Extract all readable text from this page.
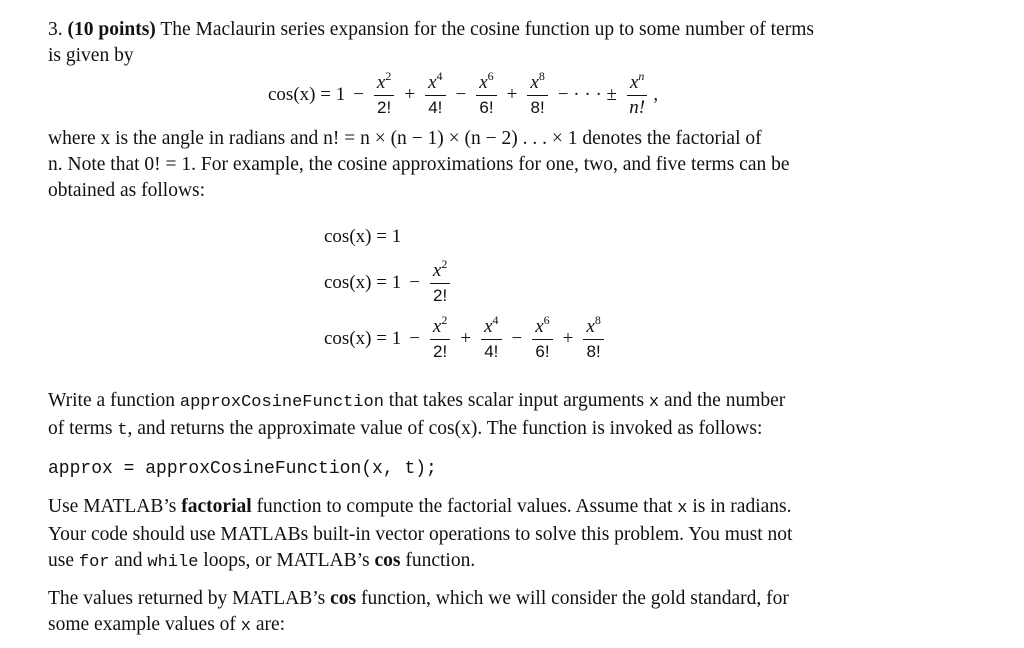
3. (10 points) The Maclaurin series expansion for the cosine function up to some number of terms
is given by
$\cos(x) = 1 - \frac{x^2}{2!} + \frac{x^4}{4!} - \frac{x^6}{6!} + \frac{x^8}{8!}$ − · · · ± $\frac{x^n}{n!}$ ,
where x is the angle in radians and n! = n × (n − 1) × (n − 2) . . . × 1 denotes the factorial of
n. Note that 0! = 1. For example, the cosine approximations for one, two, and five terms can be
obtained as follows:
cos(x) = 1
$\cos(x) = 1 - \frac{x^2}{2!}$
$\cos(x) = 1 - \frac{x^2}{2!} + \frac{x^4}{4!} - \frac{x^6}{6!} + \frac{x^8}{8!}$
Write a function approxCosineFunction that takes scalar input arguments x and the number
of terms t, and returns the approximate value of cos(x). The function is invoked as follows:
approx = approxCosineFunction(x, t);
Use MATLAB’s factorial function to compute the factorial values. Assume that x is in radians.
Your code should use MATLABs built-in vector operations to solve this problem. You must not
use for and while loops, or MATLAB’s cos function.
The values returned by MATLAB’s cos function, which we will consider the gold standard, for
some example values of x are:
